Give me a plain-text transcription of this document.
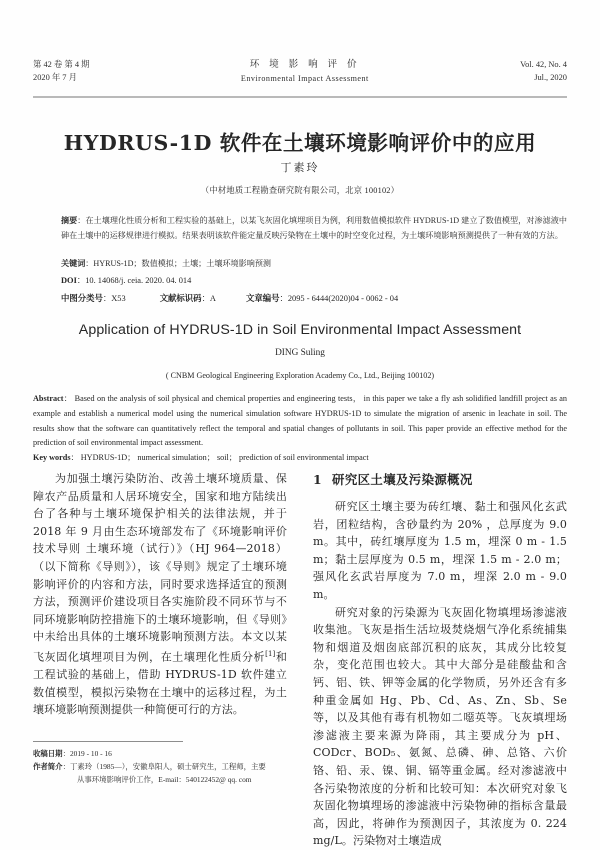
第 42 卷 第 4 期
2020 年 7 月
环 境 影 响 评 价
Environmental Impact Assessment
Vol. 42, No. 4
Jul., 2020
HYDRUS-1D 软件在土壤环境影响评价中的应用
丁素玲
（中材地质工程勘查研究院有限公司，北京 100102）
摘要：在土壤理化性质分析和工程实验的基础上，以某飞灰固化填埋项目为例，利用数值模拟软件 HYDRUS-1D 建立了数值模型，对渗滤液中砷在土壤中的运移规律进行模拟。结果表明该软件能定量反映污染物在土壤中的时空变化过程，为土壤环境影响预测提供了一种有效的方法。
关键词：HYRUS-1D；数值模拟；土壤；土壤环境影响预测
DOI：10. 14068/j. ceia. 2020. 04. 014
中图分类号：X53	文献标识码：A	文章编号：2095 - 6444(2020)04 - 0062 - 04
Application of HYDRUS-1D in Soil Environmental Impact Assessment
DING Suling
( CNBM Geological Engineering Exploration Academy Co., Ltd., Beijing 100102)
Abstract： Based on the analysis of soil physical and chemical properties and engineering tests， in this paper we take a fly ash solidified landfill project as an example and establish a numerical model using the numerical simulation software HYDRUS-1D to simulate the migration of arsenic in leachate in soil. The results show that the software can quantitatively reflect the temporal and spatial changes of pollutants in soil. This paper provide an effective method for the prediction of soil environmental impact assessment.
Key words： HYDRUS-1D； numerical simulation； soil； prediction of soil environmental impact

为加强土壤污染防治、改善土壤环境质量、保障农产品质量和人居环境安全，国家和地方陆续出台了各种与土壤环境保护相关的法律法规，并于 2018 年 9 月由生态环境部发布了《环境影响评价技术导则 土壤环境（试行）》（HJ 964—2018）（以下简称《导则》），该《导则》规定了土壤环境影响评价的内容和方法，同时要求选择适宜的预测方法，预测评价建设项目各实施阶段不同环节与不同环境影响防控措施下的土壤环境影响，但《导则》中未给出具体的土壤环境影响预测方法。本文以某飞灰固化填埋项目为例，在土壤理化性质分析[1]和工程试验的基础上，借助 HYDRUS-1D 软件建立数值模型，模拟污染物在土壤中的运移过程，为土壤环境影响预测提供一种简便可行的方法。

1 研究区土壤及污染源概况

研究区土壤主要为砖红壤、黏土和强风化玄武岩，团粒结构，含砂量约为 20% ，总厚度为 9.0 m。其中，砖红壤厚度为 1.5 m，埋深 0 m - 1.5 m；黏土层厚度为 0.5 m，埋深 1.5 m - 2.0 m；强风化玄武岩厚度为 7.0 m，埋深 2.0 m - 9.0 m。

研究对象的污染源为飞灰固化物填埋场渗滤液收集池。飞灰是指生活垃圾焚烧烟气净化系统捕集物和烟道及烟囱底部沉积的底灰，其成分比较复杂，变化范围也较大。其中大部分是硅酸盐和含钙、铝、铁、钾等金属的化学物质，另外还含有多种重金属如 Hg、Pb、Cd、As、Zn、Sb、Se 等，以及其他有毒有机物如二噁英等。飞灰填埋场渗滤液主要来源为降雨，其主要成分为 pH、CODcr、BOD₅、氨氮、总磷、砷、总铬、六价铬、铅、汞、镍、铜、镉等重金属。经对渗滤液中各污染物浓度的分析和比较可知：本次研究对象飞灰固化物填埋场的渗滤液中污染物砷的指标含量最高，因此，将砷作为预测因子，其浓度为 0. 224 mg/L。污染物对土壤造成

收稿日期：2019 - 10 - 16
作者简介：丁素玲（1985—），安徽阜阳人，硕士研究生，工程师，主要
从事环境影响评价工作，E-mail：540122452@ qq. com
